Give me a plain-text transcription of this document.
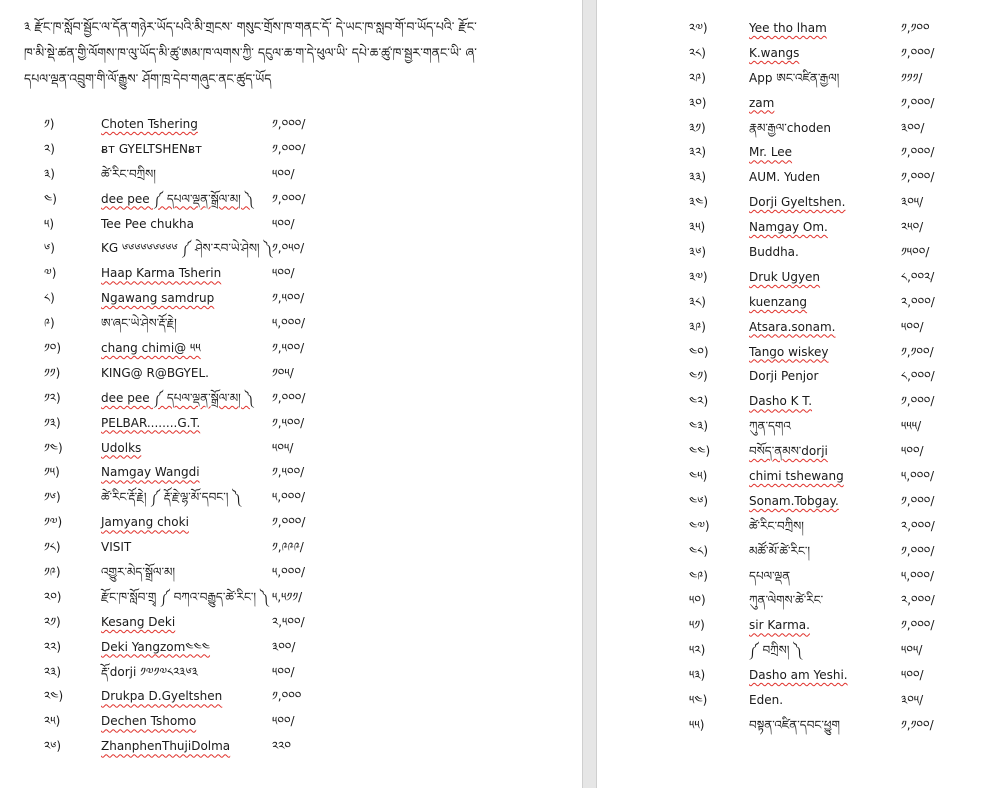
༣ རྫོང་ཁ་སློབ་སྦྱོང་ལ་དོན་གཉེར་ཡོད་པའི་མི་གྲངས་ གསུང་གྲོས་ཁ་གནང་དོ་ དེ་ཡང་ཁ་སླབ་གོ་བ་ཡོད་པའི་ རྫོང་
ཁ་མི་སྡེ་ཚན་གྱི་ལོགས་ཁ་ལུ་ཡོད་མི་ཚུ་ཨམ་ཁ་ལགས་ཀྱི་ དངུལ་ཆ་ག་དེ་ཕུལ་ཡི་ དཔེ་ཆ་ཚུ་ཁ་སྦྱར་གནང་ཡི་ ཞ་
དཔལ་ལྡན་འབྲུག་གི་ལོ་རྒྱུས་ ཤོག་ཁྲ་དེབ་གཞུང་ནང་ཚུད་ཡོད
༡)	Choten Tshering	༡,༠༠༠/
༢)	ᴃᴛ GYELTSHENᴃᴛ	༡,༠༠༠/
༣)	ཚེ་རིང་བཀྲིས།	༥༠༠/
༤)	dee pee ༼ དཔལ་ལྡན་སྒྲོལ་མ། ༽ ༡,༠༠༠/
༥)	Tee Pee chukha	༥༠༠/
༦)	KG ༦༦༦༦༦༦༦༦༦ ༼ ཤེས་རབ་ཡེ་ཤེས། ༽ ༡,༠༥༠/
༧)	Haap Karma Tsherin	༥༠༠/
༨)	Ngawang samdrup	༡,༥༠༠/
༩)	ཨ་ཞང་ཡེ་ཤེས་རྡོ་རྗེ།	༥,༠༠༠/
༡༠)	chang chimi@ ༥༥	༡,༥༠༠/
༡༡)	KING@ R@BGYEL.	༡༠༥/
༡༢)	dee pee ༼ དཔལ་ལྡན་སྒྲོལ་མ། ༽ ༡,༠༠༠/
༡༣)	PELBAR........G.T.	༡,༥༠༠/
༡༤)	Udolks	༥༠༥/
༡༥)	Namgay Wangdi	༡,༥༠༠/
༡༦)	ཚེ་རིང་རྡོ་རྗེ། ༼ རྡོ་རྗེ་ལྷ་མོ་དབང་། ༽	༥,༠༠༠/
༡༧)	Jamyang choki	༡,༠༠༠/
༡༨)	VISIT	༡,༩༩༩/
༡༩)	འགྱུར་མེད་སྒྲོལ་མ།	༥,༠༠༠/
༢༠)	རྫོང་ཁ་སློབ་གྲྭ ༼ བཀའ་བརྒྱུད་ཚེ་རིང་། ༽ ༥,༥༡༡/
༢༡)	Kesang Deki	༢,༥༠༠/
༢༢)	Deki Yangzom༤༤༤	༣༠༠/
༢༣)	རྡོ་dorji ༡༧༡༧༨༢༣༦༣	༥༠༠/
༢༤)	Drukpa D.Gyeltshen	༡,༠༠༠
༢༥)	Dechen Tshomo	༥༠༠/
༢༦)	ZhanphenThujiDolma	༢༢༠
༢༧)	Yee tho lham	༡,༡༠༠
༢༨)	K.wangs	༡,༠༠༠/
༢༩)	App ཨང་འཛིན་རྒྱལ།	༡༡༡/
༣༠)	zam	༡,༠༠༠/
༣༡)	རྣམ་རྒྱལ་choden	༣༠༠/
༣༢)	Mr. Lee	༡,༠༠༠/
༣༣)	AUM. Yuden	༡,༠༠༠/
༣༤)	Dorji Gyeltshen.	༣༠༥/
༣༥)	Namgay Om.	༢༥༠/
༣༦)	Buddha.	༡༥༠༠/
༣༧)	Druk Ugyen	༨,༠༠༢/
༣༨)	kuenzang	༢,༠༠༠/
༣༩)	Atsara.sonam.	༥༠༠/
༤༠)	Tango wiskey	༡,༡༠༠/
༤༡)	Dorji Penjor	༨,༠༠༠/
༤༢)	Dasho K T.	༡,༠༠༠/
༤༣)	ཀུན་དགའ	༥༥༥/
༤༤)	བསོད་ནམས་dorji	༥༠༠/
༤༥)	chimi tshewang	༥,༠༠༠/
༤༦)	Sonam.Tobgay.	༡,༠༠༠/
༤༧)	ཚེ་རིང་བཀྲིས།	༢,༠༠༠/
༤༨)	མཚོ་མོ་ཚེ་རིང་།	༡,༠༠༠/
༤༩)	དཔལ་ལྡན	༥,༠༠༠/
༥༠)	ཀུན་ལེགས་ཚེ་རིང་	༢,༠༠༠/
༥༡)	sir Karma.	༡,༠༠༠/
༥༢)	༼ བཀྲིས། ༽	༥༠༥/
༥༣)	Dasho am Yeshi.	༥༠༠/
༥༤)	Eden.	༣༠༥/
༥༥)	བསྟན་འཛིན་དབང་ཕྱུག	༡,༡༠༠/
